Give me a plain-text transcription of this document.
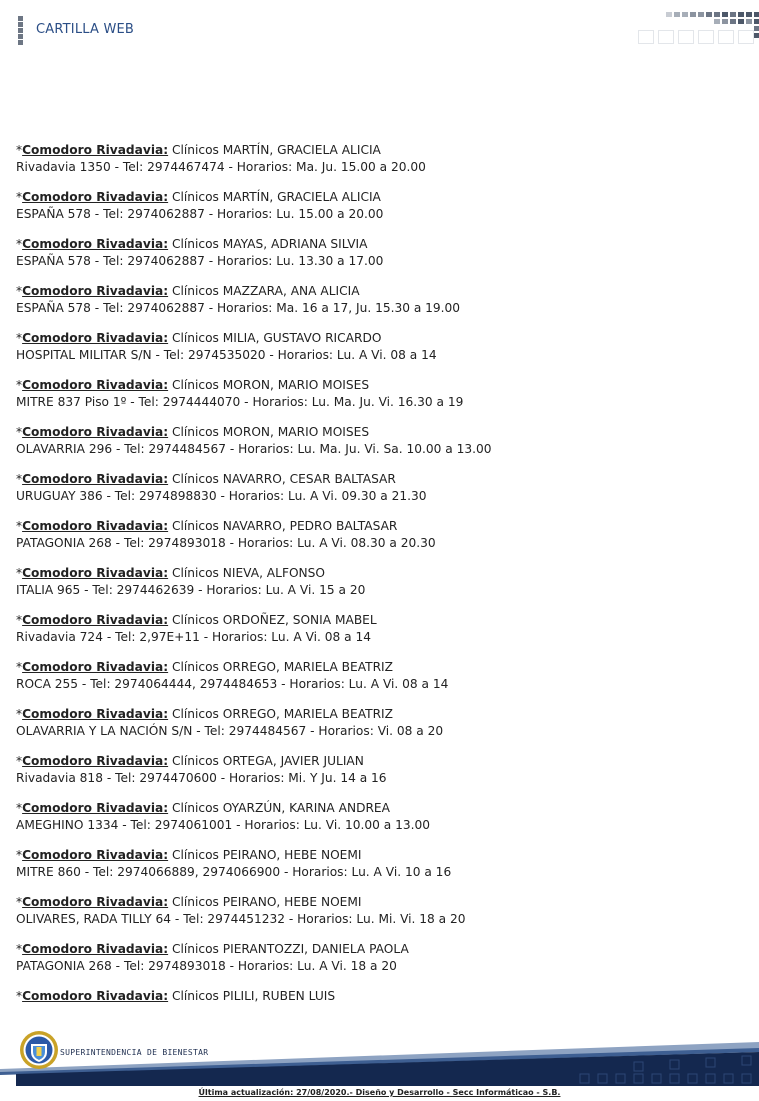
CARTILLA WEB
*Comodoro Rivadavia: Clínicos MARTÍN, GRACIELA ALICIA
Rivadavia 1350 - Tel: 2974467474 - Horarios: Ma. Ju. 15.00 a 20.00
*Comodoro Rivadavia: Clínicos MARTÍN, GRACIELA ALICIA
ESPAÑA 578 - Tel: 2974062887 - Horarios: Lu. 15.00 a 20.00
*Comodoro Rivadavia: Clínicos MAYAS, ADRIANA SILVIA
ESPAÑA 578 - Tel: 2974062887 - Horarios: Lu. 13.30 a 17.00
*Comodoro Rivadavia: Clínicos MAZZARA, ANA ALICIA
ESPAÑA 578 - Tel: 2974062887 - Horarios: Ma. 16 a 17, Ju. 15.30 a 19.00
*Comodoro Rivadavia: Clínicos MILIA, GUSTAVO RICARDO
HOSPITAL MILITAR S/N - Tel: 2974535020 - Horarios: Lu. A Vi. 08 a 14
*Comodoro Rivadavia: Clínicos MORON, MARIO MOISES
MITRE 837 Piso 1º - Tel: 2974444070 - Horarios: Lu. Ma. Ju. Vi. 16.30 a 19
*Comodoro Rivadavia: Clínicos MORON, MARIO MOISES
OLAVARRIA 296 - Tel: 2974484567 - Horarios: Lu. Ma. Ju. Vi. Sa. 10.00 a 13.00
*Comodoro Rivadavia: Clínicos NAVARRO, CESAR BALTASAR
URUGUAY 386 - Tel: 2974898830 - Horarios: Lu. A Vi. 09.30 a 21.30
*Comodoro Rivadavia: Clínicos NAVARRO, PEDRO BALTASAR
PATAGONIA 268 - Tel: 2974893018 - Horarios: Lu. A Vi. 08.30 a 20.30
*Comodoro Rivadavia: Clínicos NIEVA, ALFONSO
ITALIA 965 - Tel: 2974462639 - Horarios: Lu. A Vi. 15 a 20
*Comodoro Rivadavia: Clínicos ORDOÑEZ, SONIA MABEL
Rivadavia 724 - Tel: 2,97E+11 - Horarios: Lu. A Vi. 08 a 14
*Comodoro Rivadavia: Clínicos ORREGO, MARIELA BEATRIZ
ROCA 255 - Tel: 2974064444, 2974484653 - Horarios: Lu. A Vi. 08 a 14
*Comodoro Rivadavia: Clínicos ORREGO, MARIELA BEATRIZ
OLAVARRIA Y LA NACIÓN S/N - Tel: 2974484567 - Horarios: Vi. 08 a 20
*Comodoro Rivadavia: Clínicos ORTEGA, JAVIER JULIAN
Rivadavia 818 - Tel: 2974470600 - Horarios: Mi. Y Ju. 14 a 16
*Comodoro Rivadavia: Clínicos OYARZÚN, KARINA ANDREA
AMEGHINO 1334 - Tel: 2974061001 - Horarios: Lu. Vi. 10.00 a 13.00
*Comodoro Rivadavia: Clínicos PEIRANO, HEBE NOEMI
MITRE 860 - Tel: 2974066889, 2974066900 - Horarios: Lu. A Vi. 10 a 16
*Comodoro Rivadavia: Clínicos PEIRANO, HEBE NOEMI
OLIVARES, RADA TILLY 64 - Tel: 2974451232 - Horarios: Lu. Mi. Vi. 18 a 20
*Comodoro Rivadavia: Clínicos PIERANTOZZI, DANIELA PAOLA
PATAGONIA 268 - Tel: 2974893018 - Horarios: Lu. A Vi. 18 a 20
*Comodoro Rivadavia: Clínicos PILILI, RUBEN LUIS
SUPERINTENDENCIA DE BIENESTAR
Última actualización: 27/08/2020.- Diseño y Desarrollo - Secc Informáticao - S.B.
